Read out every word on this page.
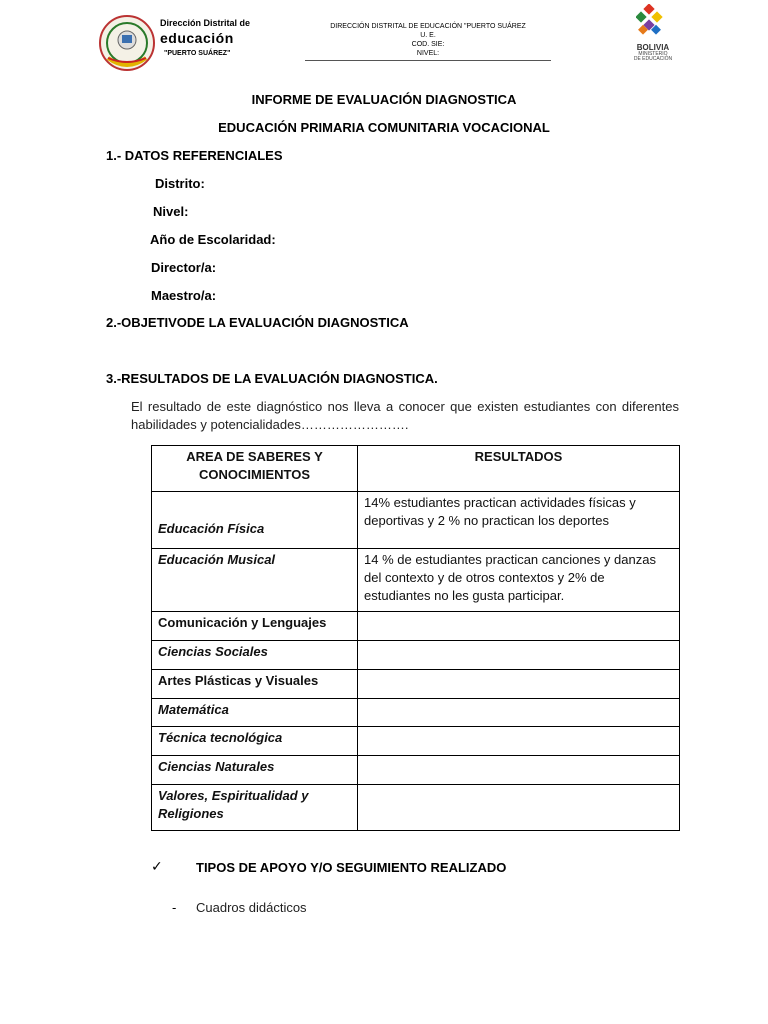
Dirección Distrital de
educación
"PUERTO SUÁREZ"
DIRECCIÓN DISTRITAL DE EDUCACIÓN "PUERTO SUÁREZ
U. E.
COD. SIE:
NIVEL:
BOLIVIA
MINISTERIO
DE EDUCACIÓN
INFORME DE EVALUACIÓN DIAGNOSTICA
EDUCACIÓN PRIMARIA COMUNITARIA VOCACIONAL
1.- DATOS REFERENCIALES
Distrito:
Nivel:
Año de Escolaridad:
Director/a:
Maestro/a:
2.-OBJETIVODE LA EVALUACIÓN DIAGNOSTICA
3.-RESULTADOS DE LA EVALUACIÓN DIAGNOSTICA.
El resultado de este diagnóstico nos lleva a conocer que existen estudiantes con diferentes habilidades y potencialidades…………………….
AREA DE SABERES Y CONOCIMIENTOS	RESULTADOS
Educación Física	14% estudiantes practican actividades físicas y deportivas y 2 % no practican los deportes
Educación Musical	14 % de estudiantes practican canciones y danzas del contexto y de otros contextos y 2% de estudiantes no les gusta participar.
Comunicación y Lenguajes	
Ciencias Sociales	
Artes Plásticas y Visuales	
Matemática	
Técnica tecnológica	
Ciencias Naturales	
Valores, Espiritualidad y Religiones	
✓	TIPOS DE APOYO Y/O SEGUIMIENTO REALIZADO
- Cuadros didácticos
